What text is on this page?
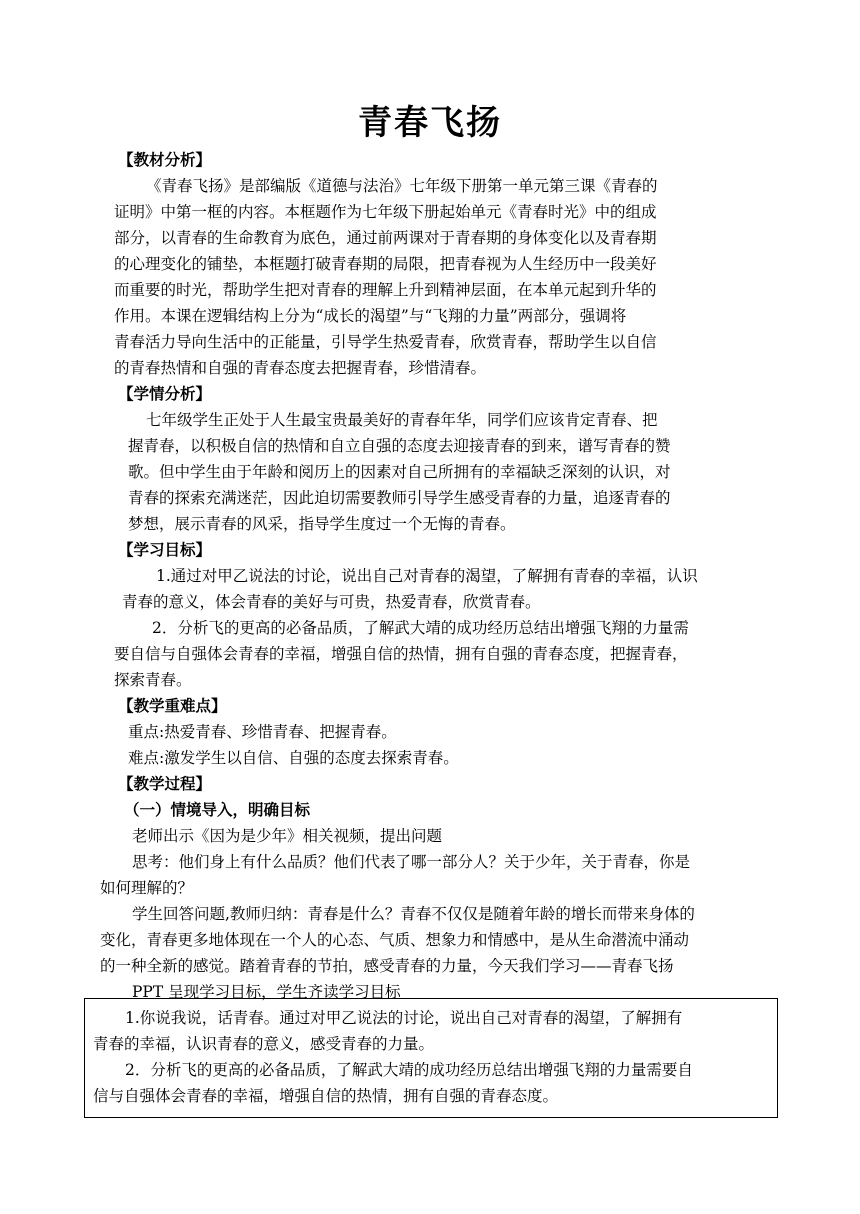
青春飞扬
【教材分析】
《青春飞扬》是部编版《道德与法治》七年级下册第一单元第三课《青春的
证明》中第一框的内容。本框题作为七年级下册起始单元《青春时光》中的组成
部分，以青春的生命教育为底色，通过前两课对于青春期的身体变化以及青春期
的心理变化的铺垫，本框题打破青春期的局限，把青春视为人生经历中一段美好
而重要的时光，帮助学生把对青春的理解上升到精神层面，在本单元起到升华的
作用。本课在逻辑结构上分为“成长的渴望”与“飞翔的力量”两部分，强调将
青春活力导向生活中的正能量，引导学生热爱青春，欣赏青春，帮助学生以自信
的青春热情和自强的青春态度去把握青春，珍惜清春。
【学情分析】
七年级学生正处于人生最宝贵最美好的青春年华，同学们应该肯定青春、把
握青春，以积极自信的热情和自立自强的态度去迎接青春的到来，谱写青春的赞
歌。但中学生由于年龄和阅历上的因素对自己所拥有的幸福缺乏深刻的认识，对
青春的探索充满迷茫，因此迫切需要教师引导学生感受青春的力量，追逐青春的
梦想，展示青春的风采，指导学生度过一个无悔的青春。
【学习目标】
1.通过对甲乙说法的讨论，说出自己对青春的渴望，了解拥有青春的幸福，认识
青春的意义，体会青春的美好与可贵，热爱青春，欣赏青春。
2．分析飞的更高的必备品质，了解武大靖的成功经历总结出增强飞翔的力量需
要自信与自强体会青春的幸福，增强自信的热情，拥有自强的青春态度，把握青春，
探索青春。
【教学重难点】
重点:热爱青春、珍惜青春、把握青春。
难点:激发学生以自信、自强的态度去探索青春。
【教学过程】
（一）情境导入，明确目标
老师出示《因为是少年》相关视频，提出问题
思考：他们身上有什么品质？他们代表了哪一部分人？关于少年，关于青春，你是
如何理解的？
学生回答问题,教师归纳：青春是什么？青春不仅仅是随着年龄的增长而带来身体的
变化，青春更多地体现在一个人的心态、气质、想象力和情感中，是从生命潜流中涌动
的一种全新的感觉。踏着青春的节拍，感受青春的力量，今天我们学习——青春飞扬
PPT 呈现学习目标，学生齐读学习目标
1.你说我说，话青春。通过对甲乙说法的讨论，说出自己对青春的渴望，了解拥有
青春的幸福，认识青春的意义，感受青春的力量。
2．分析飞的更高的必备品质，了解武大靖的成功经历总结出增强飞翔的力量需要自
信与自强体会青春的幸福，增强自信的热情，拥有自强的青春态度。
